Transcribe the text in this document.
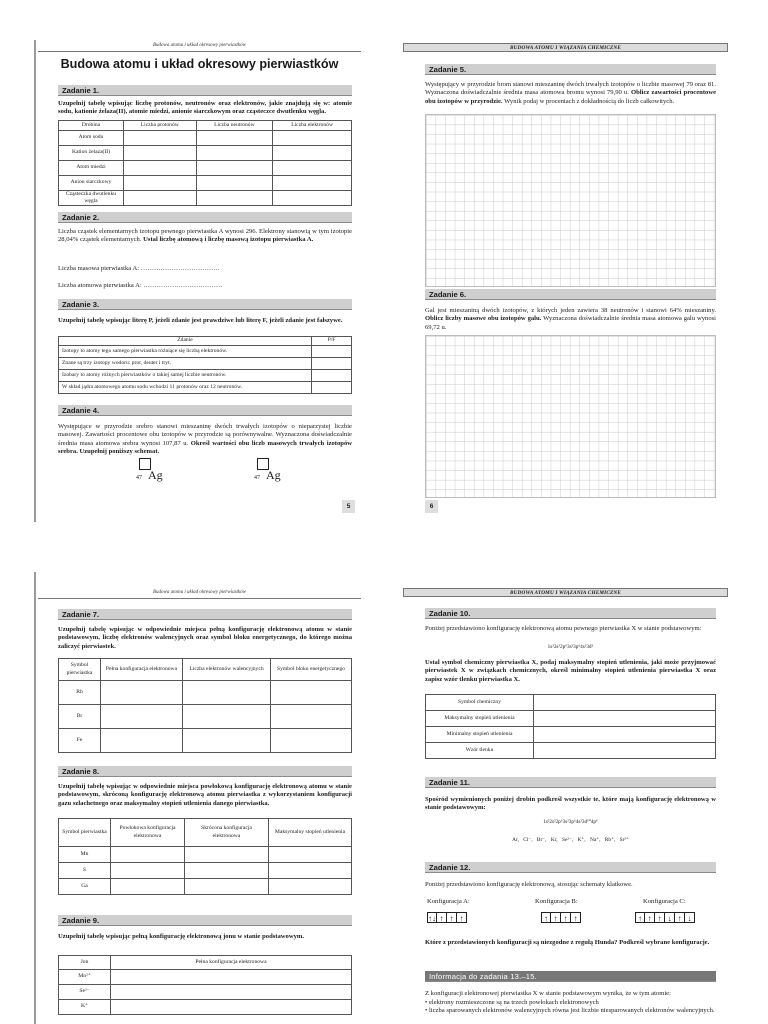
Budowa atomu i układ okresowy pierwiastków
Budowa atomu i układ okresowy pierwiastków
Zadanie 1.
Uzupełnij tabelę wpisując liczbę protonów, neutronów oraz elektronów, jakie znajdują się w: atomie sodu, kationie żelaza(II), atomie miedzi, anionie siarczkowym oraz cząsteczce dwutlenku węgla.
Drobina	Liczba protonów	Liczba neutronów	Liczba elektronów
Atom sodu			
Kation żelaza(II)			
Atom miedzi			
Anion siarczkowy			
Cząsteczka dwutlenku węgla			
Zadanie 2.
Liczba cząstek elementarnych izotopu pewnego pierwiastka A wynosi 296. Elektrony stanowią w tym izotopie 28,04% cząstek elementarnych. Ustal liczbę atomową i liczbę masową izotopu pierwiastka A.
Liczba masowa pierwiastka A: ………………………………
Liczba atomowa pierwiastka A: ………………………………
Zadanie 3.
Uzupełnij tabelę wpisując literę P, jeżeli zdanie jest prawdziwe lub literę F, jeżeli zdanie jest fałszywe.
Zdanie	P/F
Izotopy to atomy tego samego pierwiastka różniące się liczbą elektronów.	
Znane są trzy izotopy wodoru: prot, deuter i tryt.	
Izobary to atomy różnych pierwiastków o takiej samej liczbie neutronów.	
W skład jądra atomowego atomu sodu wchodzi 11 protonów oraz 12 neutronów.	
Zadanie 4.
Występujące w przyrodzie srebro stanowi mieszaninę dwóch trwałych izotopów o nieparzystej liczbie masowej. Zawartości procentowe obu izotopów w przyrodzie są porównywalne. Wyznaczona doświadczalnie średnia masa atomowa srebra wynosi 107,87 u. Określ wartości obu liczb masowych trwałych izotopów srebra. Uzupełnij poniższy schemat.
47 Ag	47 Ag
5
BUDOWA ATOMU I WIĄZANIA CHEMICZNE
Zadanie 5.
Występujący w przyrodzie brom stanowi mieszaninę dwóch trwałych izotopów o liczbie masowej 79 oraz 81. Wyznaczona doświadczalnie średnia masa atomowa bromu wynosi 79,90 u. Oblicz zawartości procentowe obu izotopów w przyrodzie. Wynik podaj w procentach z dokładnością do liczb całkowitych.
Zadanie 6.
Gal jest mieszaniną dwóch izotopów, z których jeden zawiera 38 neutronów i stanowi 64% mieszaniny. Oblicz liczby masowe obu izotopów galu. Wyznaczona doświadczalnie średnia masa atomowa galu wynosi 69,72 u.
6
Budowa atomu i układ okresowy pierwiastków
Zadanie 7.
Uzupełnij tabelę wpisując w odpowiednie miejsca pełną konfigurację elektronową atomu w stanie podstawowym, liczbę elektronów walencyjnych oraz symbol bloku energetycznego, do którego można zaliczyć pierwiastek.
Symbol pierwiastka	Pełna konfiguracja elektronowa	Liczba elektronów walencyjnych	Symbol bloku energetycznego
Rb			
Br			
Fe			
Zadanie 8.
Uzupełnij tabelę wpisując w odpowiednie miejsca powłokową konfigurację elektronową atomu w stanie podstawowym, skróconą konfigurację elektronową atomu pierwiastka z wykorzystaniem konfiguracji gazu szlachetnego oraz maksymalny stopień utlenienia danego pierwiastka.
Symbol pierwiastka	Powłokowa konfiguracja elektronowa	Skrócona konfiguracja elektronowa	Maksymalny stopień utlenienia
Mn			
S			
Ga			
Zadanie 9.
Uzupełnij tabelę wpisując pełną konfigurację elektronową jonu w stanie podstawowym.
Jon	Pełna konfiguracja elektronowa
Mn²⁺	
Se²⁻	
K⁺	
BUDOWA ATOMU I WIĄZANIA CHEMICZNE
Zadanie 10.
Poniżej przedstawiono konfigurację elektronową atomu pewnego pierwiastka X w stanie podstawowym:
1s²2s²2p⁶3s²3p⁶4s²3d⁵
Ustal symbol chemiczny pierwiastka X, podaj maksymalny stopień utlenienia, jaki może przyjmować pierwiastek X w związkach chemicznych, określ minimalny stopień utlenienia pierwiastka X oraz zapisz wzór tlenku pierwiastka X.
Symbol chemiczny	
Maksymalny stopień utlenienia	
Minimalny stopień utlenienia	
Wzór tlenku	
Zadanie 11.
Spośród wymienionych poniżej drobin podkreśl wszystkie te, które mają konfigurację elektronową w stanie podstawowym:
1s²2s²2p⁶3s²3p⁶4s²3d¹⁰4p⁶
Ar, Cl⁻, Br⁻, Kr, Se²⁻, K⁺, Na⁺, Rb⁺, Sr²⁺
Zadanie 12.
Poniżej przedstawiono konfigurację elektronową, stosując schematy klatkowe.
Konfiguracja A:	Konfiguracja B:	Konfiguracja C:
↑↓ ↑ ↑ ↑	↑ ↑ ↑ ↑	↑ ↑ ↑ ↓ ↑ ↓
Które z przedstawionych konfiguracji są niezgodne z regułą Hunda? Podkreśl wybrane konfiguracje.
Informacja do zadania 13.–15.
Z konfiguracji elektronowej pierwiastka X w stanie podstawowym wynika, że w tym atomie:
• elektrony rozmieszczone są na trzech powłokach elektronowych
• liczba sparowanych elektronów walencyjnych równa jest liczbie niesparowanych elektronów walencyjnych.
